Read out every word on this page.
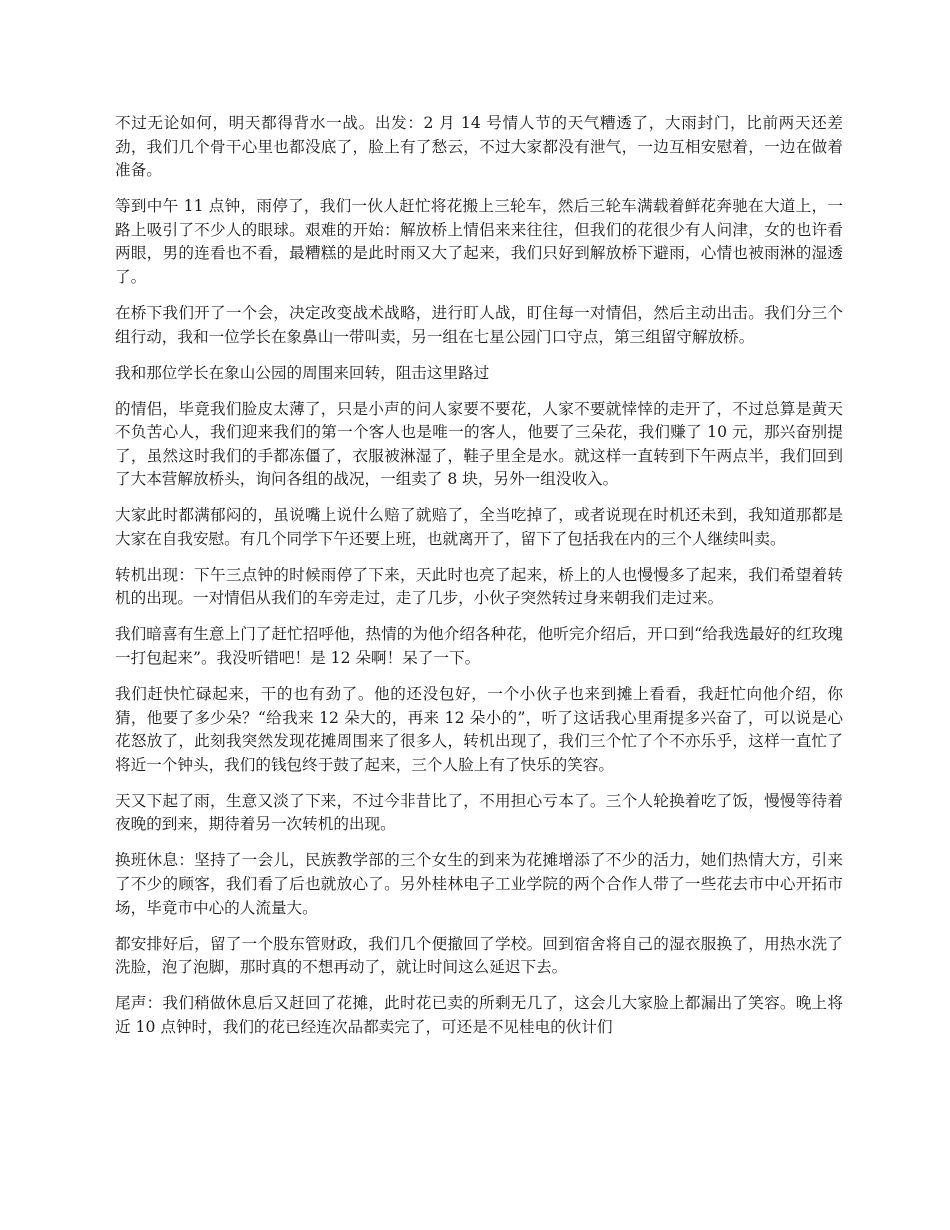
不过无论如何，明天都得背水一战。出发：2 月 14 号情人节的天气糟透了，大雨封门，比前两天还差劲，我们几个骨干心里也都没底了，脸上有了愁云，不过大家都没有泄气，一边互相安慰着，一边在做着准备。

等到中午 11 点钟，雨停了，我们一伙人赶忙将花搬上三轮车，然后三轮车满载着鲜花奔驰在大道上，一路上吸引了不少人的眼球。艰难的开始：解放桥上情侣来来往往，但我们的花很少有人问津，女的也许看两眼，男的连看也不看，最糟糕的是此时雨又大了起来，我们只好到解放桥下避雨，心情也被雨淋的湿透了。

在桥下我们开了一个会，决定改变战术战略，进行盯人战，盯住每一对情侣，然后主动出击。我们分三个组行动，我和一位学长在象鼻山一带叫卖，另一组在七星公园门口守点，第三组留守解放桥。

我和那位学长在象山公园的周围来回转，阻击这里路过

的情侣，毕竟我们脸皮太薄了，只是小声的问人家要不要花，人家不要就悻悻的走开了，不过总算是黄天不负苦心人，我们迎来我们的第一个客人也是唯一的客人，他要了三朵花，我们赚了 10 元，那兴奋别提了，虽然这时我们的手都冻僵了，衣服被淋湿了，鞋子里全是水。就这样一直转到下午两点半，我们回到了大本营解放桥头，询问各组的战况，一组卖了 8 块，另外一组没收入。

大家此时都满郁闷的，虽说嘴上说什么赔了就赔了，全当吃掉了，或者说现在时机还未到，我知道那都是大家在自我安慰。有几个同学下午还要上班，也就离开了，留下了包括我在内的三个人继续叫卖。

转机出现：下午三点钟的时候雨停了下来，天此时也亮了起来，桥上的人也慢慢多了起来，我们希望着转机的出现。一对情侣从我们的车旁走过，走了几步，小伙子突然转过身来朝我们走过来。

我们暗喜有生意上门了赶忙招呼他，热情的为他介绍各种花，他听完介绍后，开口到“给我选最好的红玫瑰一打包起来”。我没听错吧！是 12 朵啊！呆了一下。

我们赶快忙碌起来，干的也有劲了。他的还没包好，一个小伙子也来到摊上看看，我赶忙向他介绍，你猜，他要了多少朵？“给我来 12 朵大的，再来 12 朵小的”，听了这话我心里甭提多兴奋了，可以说是心花怒放了，此刻我突然发现花摊周围来了很多人，转机出现了，我们三个忙了个不亦乐乎，这样一直忙了将近一个钟头，我们的钱包终于鼓了起来，三个人脸上有了快乐的笑容。

天又下起了雨，生意又淡了下来，不过今非昔比了，不用担心亏本了。三个人轮换着吃了饭，慢慢等待着夜晚的到来，期待着另一次转机的出现。

换班休息：坚持了一会儿，民族教学部的三个女生的到来为花摊增添了不少的活力，她们热情大方，引来了不少的顾客，我们看了后也就放心了。另外桂林电子工业学院的两个合作人带了一些花去市中心开拓市场，毕竟市中心的人流量大。

都安排好后，留了一个股东管财政，我们几个便撤回了学校。回到宿舍将自己的湿衣服换了，用热水洗了洗脸，泡了泡脚，那时真的不想再动了，就让时间这么延迟下去。

尾声：我们稍做休息后又赶回了花摊，此时花已卖的所剩无几了，这会儿大家脸上都漏出了笑容。晚上将近 10 点钟时，我们的花已经连次品都卖完了，可还是不见桂电的伙计们
